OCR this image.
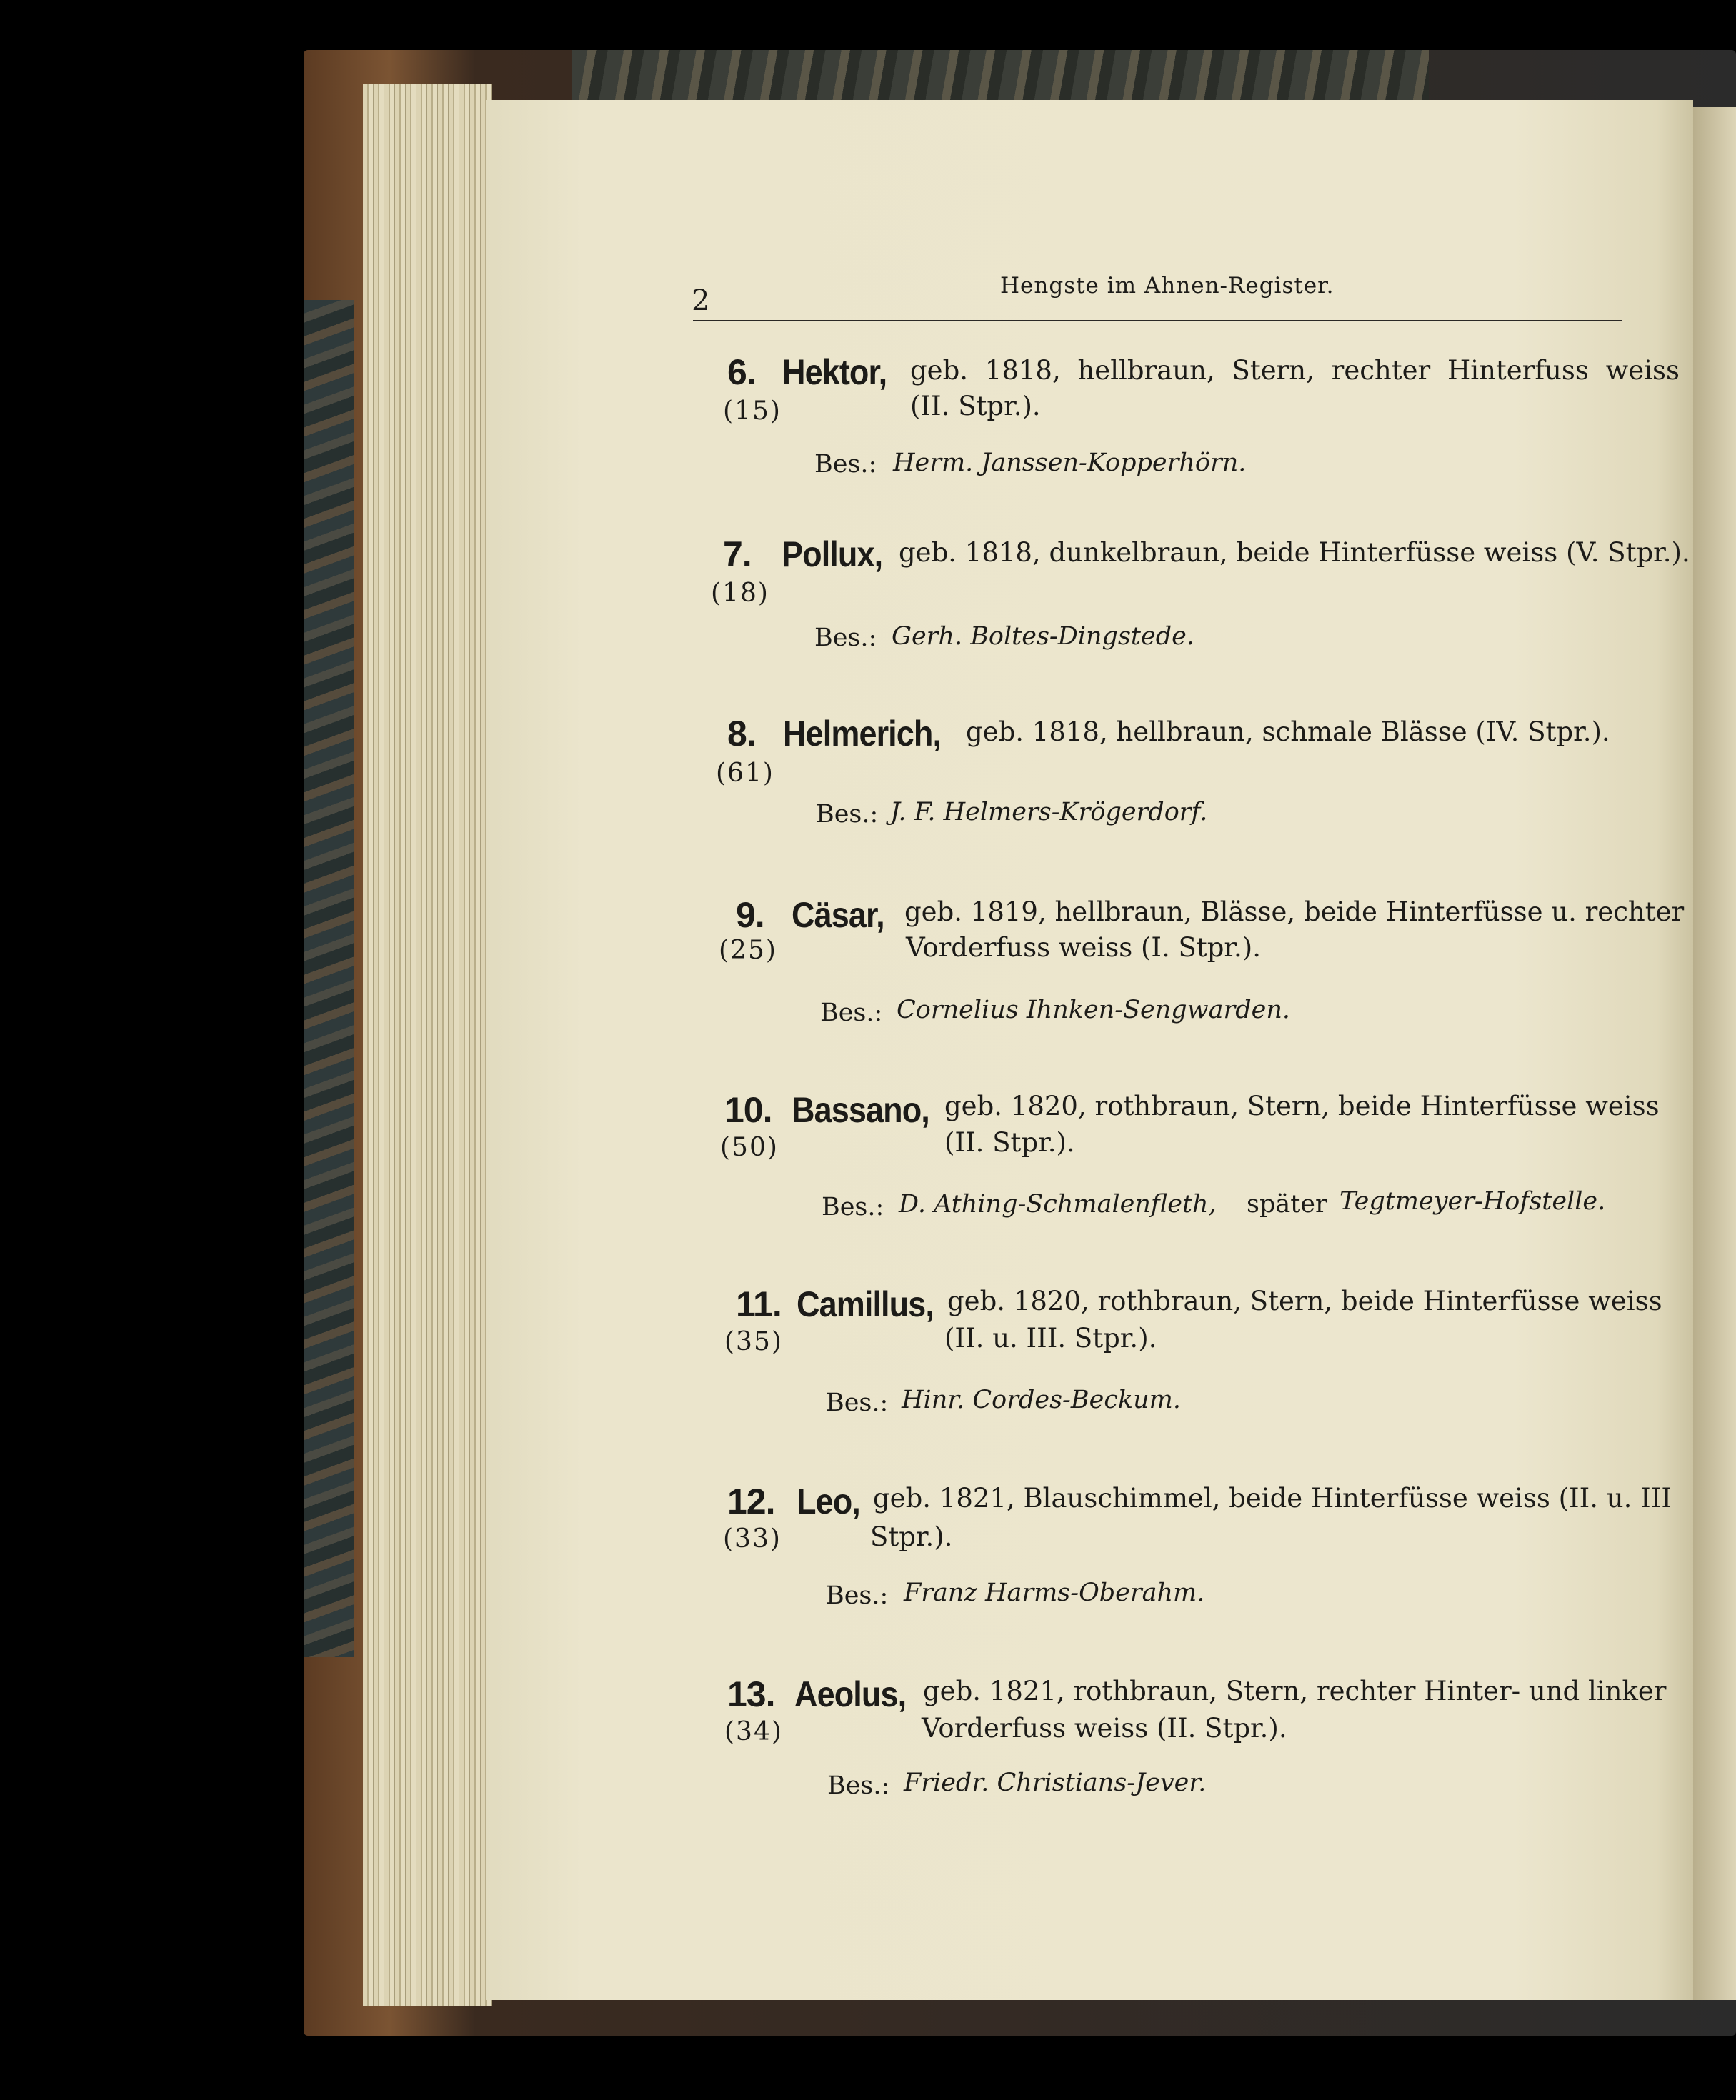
2	Hengste im Ahnen-Register.
6. Hektor, geb. 1818, hellbraun, Stern, rechter Hinterfuss weiss
(II. Stpr.).
(15)
Bes.: Herm. Janssen-Kopperhörn.
7. Pollux, geb. 1818, dunkelbraun, beide Hinterfüsse weiss (V. Stpr.).
(18)
Bes.: Gerh. Boltes-Dingstede.
8. Helmerich, geb. 1818, hellbraun, schmale Blässe (IV. Stpr.).
(61)
Bes.: J. F. Helmers-Krögerdorf.
9. Cäsar, geb. 1819, hellbraun, Blässe, beide Hinterfüsse u. rechter
Vorderfuss weiss (I. Stpr.).
(25)
Bes.: Cornelius Ihnken-Sengwarden.
10. Bassano, geb. 1820, rothbraun, Stern, beide Hinterfüsse weiss
(II. Stpr.).
(50)
Bes.: D. Athing-Schmalenfleth, später Tegtmeyer-Hofstelle.
11. Camillus, geb. 1820, rothbraun, Stern, beide Hinterfüsse weiss
(II. u. III. Stpr.).
(35)
Bes.: Hinr. Cordes-Beckum.
12. Leo, geb. 1821, Blauschimmel, beide Hinterfüsse weiss (II. u. III
Stpr.).
(33)
Bes.: Franz Harms-Oberahm.
13. Aeolus, geb. 1821, rothbraun, Stern, rechter Hinter- und linker
Vorderfuss weiss (II. Stpr.).
(34)
Bes.: Friedr. Christians-Jever.
